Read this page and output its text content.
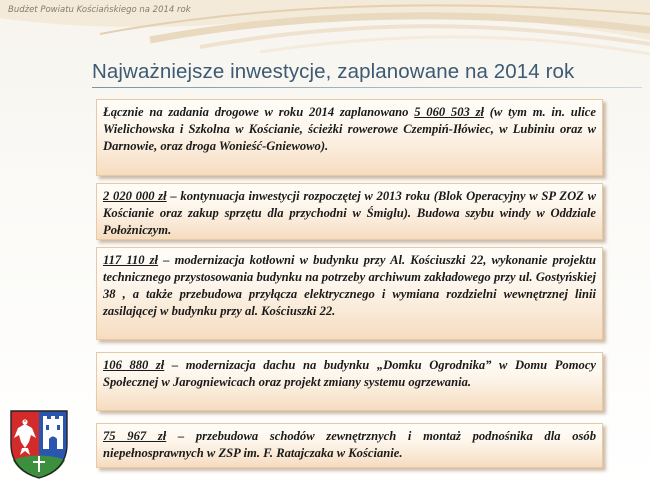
Budżet Powiatu Kościańskiego na 2014 rok
Najważniejsze inwestycje, zaplanowane na 2014 rok
Łącznie na zadania drogowe w roku 2014 zaplanowano 5 060 503 zł (w tym m. in. ulice Wielichowska i Szkolna w Kościanie, ścieżki rowerowe Czempiń-Iłówiec, w Lubiniu oraz w Darnowie, oraz droga Wonieść-Gniewowo).
2 020 000 zł – kontynuacja inwestycji rozpoczętej w 2013 roku (Blok Operacyjny w SP ZOZ w Kościanie oraz zakup sprzętu dla przychodni w Śmiglu). Budowa szybu windy w Oddziale Położniczym.
117 110 zł – modernizacja kotłowni w budynku przy Al. Kościuszki 22, wykonanie projektu technicznego przystosowania budynku na potrzeby archiwum zakładowego przy ul. Gostyńskiej 38 , a także przebudowa przyłącza elektrycznego i wymiana rozdzielni wewnętrznej linii zasilającej w budynku przy al. Kościuszki 22.
106 880 zł – modernizacja dachu na budynku „Domku Ogrodnika” w Domu Pomocy Społecznej w Jarogniewicach oraz projekt zmiany systemu ogrzewania.
75 967 zł – przebudowa schodów zewnętrznych i montaż podnośnika dla osób niepełnosprawnych w ZSP im. F. Ratajczaka w Kościanie.
